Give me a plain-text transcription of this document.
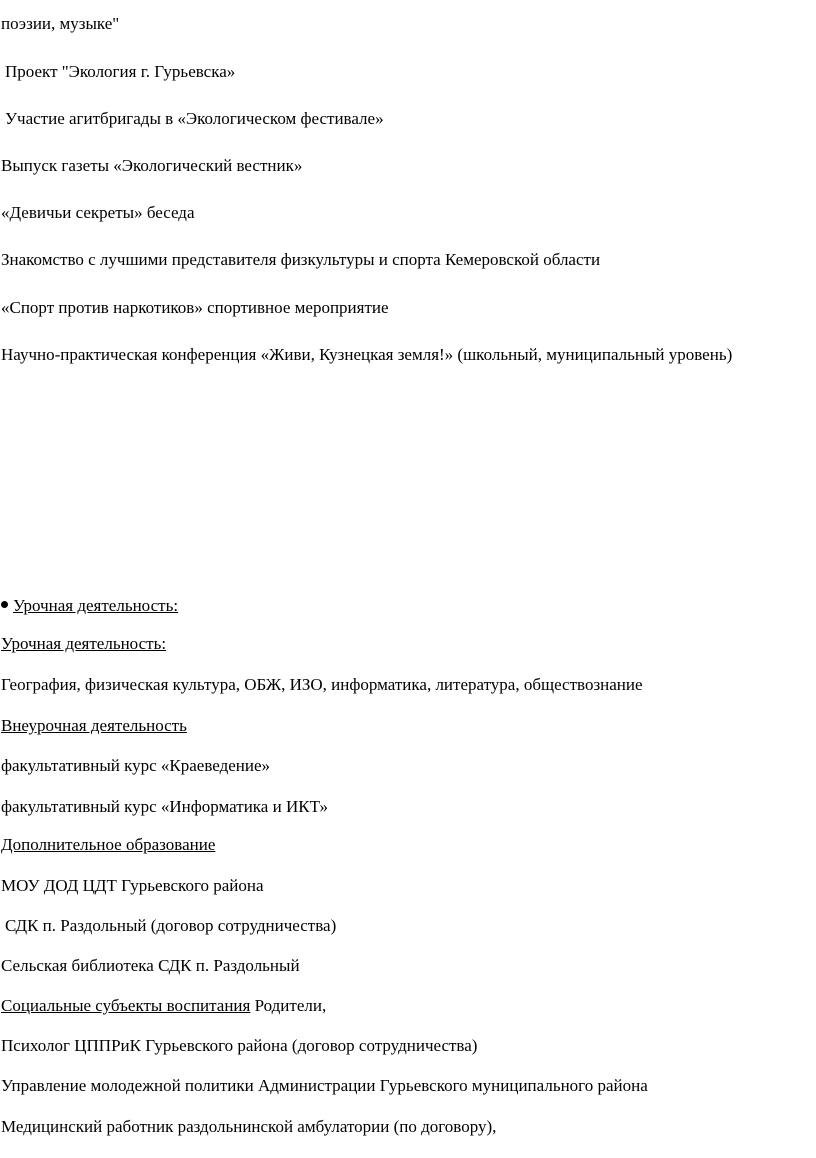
поэзии, музыке"
Проект "Экология г. Гурьевска»
Участие агитбригады в «Экологическом фестивале»
Выпуск газеты «Экологический вестник»
«Девичьи секреты» беседа
Знакомство с лучшими представителя физкультуры и спорта Кемеровской области
«Спорт против наркотиков» спортивное мероприятие
Научно-практическая конференция «Живи, Кузнецкая земля!» (школьный, муниципальный уровень)
Урочная деятельность:
Урочная деятельность:
География, физическая культура, ОБЖ, ИЗО, информатика, литература, обществознание
Внеурочная деятельность
факультативный курс «Краеведение»
факультативный курс «Информатика и ИКТ»
Дополнительное образование
МОУ ДОД ЦДТ Гурьевского района
СДК п. Раздольный (договор сотрудничества)
Сельская библиотека СДК п. Раздольный
Социальные субъекты воспитания Родители,
Психолог ЦППРиК Гурьевского района (договор сотрудничества)
Управление молодежной политики Администрации Гурьевского муниципального района
Медицинский работник раздольнинской амбулатории (по договору),
